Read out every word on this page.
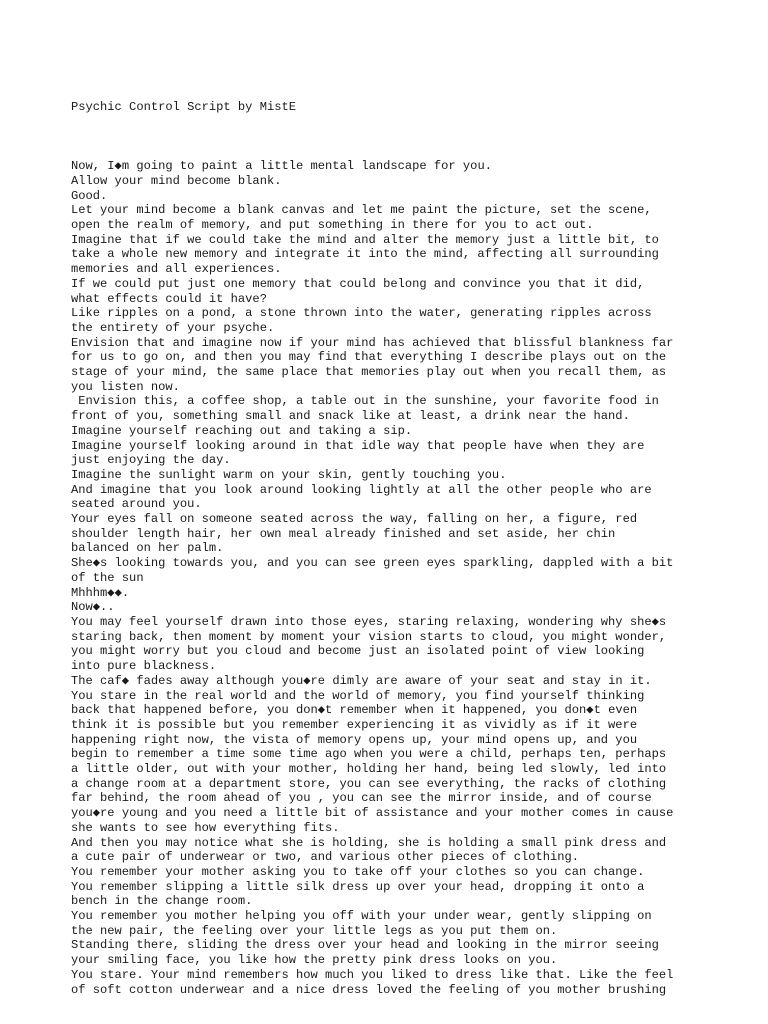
Psychic Control Script by MistE

Now, I◆m going to paint a little mental landscape for you.
Allow your mind become blank.
Good.
Let your mind become a blank canvas and let me paint the picture, set the scene,
open the realm of memory, and put something in there for you to act out.
Imagine that if we could take the mind and alter the memory just a little bit, to
take a whole new memory and integrate it into the mind, affecting all surrounding
memories and all experiences.
If we could put just one memory that could belong and convince you that it did,
what effects could it have?
Like ripples on a pond, a stone thrown into the water, generating ripples across
the entirety of your psyche.
Envision that and imagine now if your mind has achieved that blissful blankness far
for us to go on, and then you may find that everything I describe plays out on the
stage of your mind, the same place that memories play out when you recall them, as
you listen now.
Envision this, a coffee shop, a table out in the sunshine, your favorite food in
front of you, something small and snack like at least, a drink near the hand.
Imagine yourself reaching out and taking a sip.
Imagine yourself looking around in that idle way that people have when they are
just enjoying the day.
Imagine the sunlight warm on your skin, gently touching you.
And imagine that you look around looking lightly at all the other people who are
seated around you.
Your eyes fall on someone seated across the way, falling on her, a figure, red
shoulder length hair, her own meal already finished and set aside, her chin
balanced on her palm.
She◆s looking towards you, and you can see green eyes sparkling, dappled with a bit
of the sun
Mhhhm◆◆.
Now◆..
You may feel yourself drawn into those eyes, staring relaxing, wondering why she◆s
staring back, then moment by moment your vision starts to cloud, you might wonder,
you might worry but you cloud and become just an isolated point of view looking
into pure blackness.
The caf◆ fades away although you◆re dimly are aware of your seat and stay in it.
You stare in the real world and the world of memory, you find yourself thinking
back that happened before, you don◆t remember when it happened, you don◆t even
think it is possible but you remember experiencing it as vividly as if it were
happening right now, the vista of memory opens up, your mind opens up, and you
begin to remember a time some time ago when you were a child, perhaps ten, perhaps
a little older, out with your mother, holding her hand, being led slowly, led into
a change room at a department store, you can see everything, the racks of clothing
far behind, the room ahead of you , you can see the mirror inside, and of course
you◆re young and you need a little bit of assistance and your mother comes in cause
she wants to see how everything fits.
And then you may notice what she is holding, she is holding a small pink dress and
a cute pair of underwear or two, and various other pieces of clothing.
You remember your mother asking you to take off your clothes so you can change.
You remember slipping a little silk dress up over your head, dropping it onto a
bench in the change room.
You remember you mother helping you off with your under wear, gently slipping on
the new pair, the feeling over your little legs as you put them on.
Standing there, sliding the dress over your head and looking in the mirror seeing
your smiling face, you like how the pretty pink dress looks on you.
You stare. Your mind remembers how much you liked to dress like that. Like the feel
of soft cotton underwear and a nice dress loved the feeling of you mother brushing
